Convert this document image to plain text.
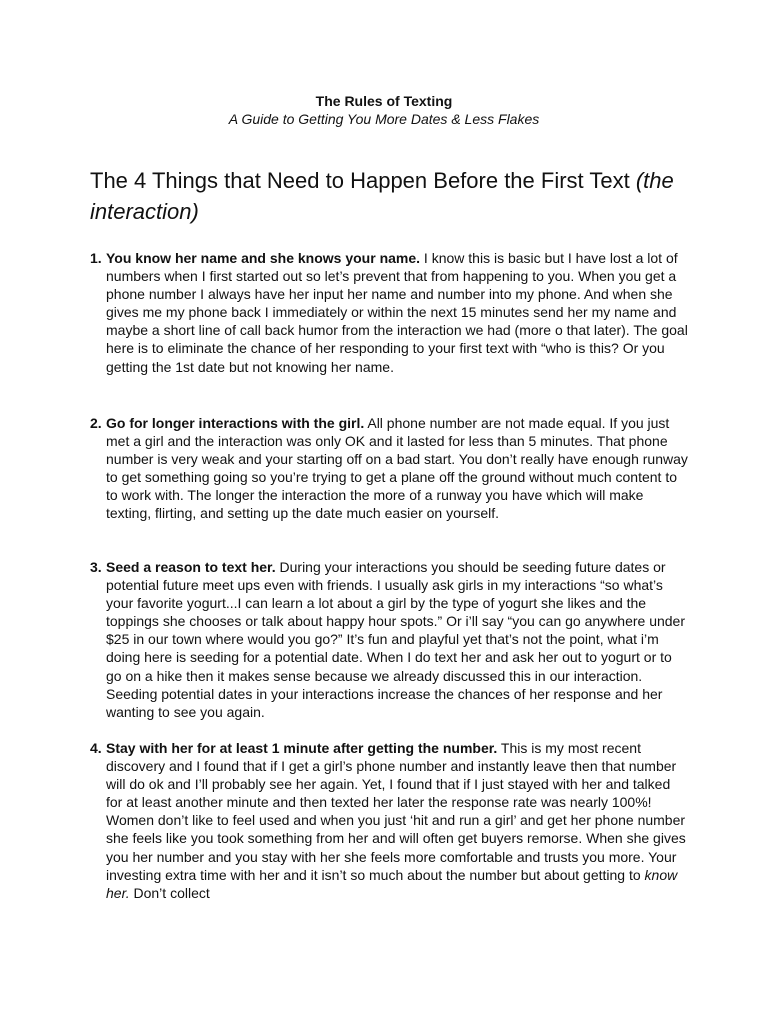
The Rules of Texting
A Guide to Getting You More Dates & Less Flakes
The 4 Things that Need to Happen Before the First Text (the interaction)
1. You know her name and she knows your name. I know this is basic but I have lost a lot of numbers when I first started out so let’s prevent that from happening to you. When you get a phone number I always have her input her name and number into my phone. And when she gives me my phone back I immediately or within the next 15 minutes send her my name and maybe a short line of call back humor from the interaction we had (more o that later). The goal here is to eliminate the chance of her responding to your first text with “who is this? Or you getting the 1st date but not knowing her name.
2. Go for longer interactions with the girl. All phone number are not made equal. If you just met a girl and the interaction was only OK and it lasted for less than 5 minutes. That phone number is very weak and your starting off on a bad start. You don’t really have enough runway to get something going so you’re trying to get a plane off the ground without much content to to work with. The longer the interaction the more of a runway you have which will make texting, flirting, and setting up the date much easier on yourself.
3. Seed a reason to text her. During your interactions you should be seeding future dates or potential future meet ups even with friends. I usually ask girls in my interactions “so what’s your favorite yogurt...I can learn a lot about a girl by the type of yogurt she likes and the toppings she chooses or talk about happy hour spots.” Or i’ll say “you can go anywhere under $25 in our town where would you go?” It’s fun and playful yet that’s not the point, what i’m doing here is seeding for a potential date. When I do text her and ask her out to yogurt or to go on a hike then it makes sense because we already discussed this in our interaction. Seeding potential dates in your interactions increase the chances of her response and her wanting to see you again.
4. Stay with her for at least 1 minute after getting the number. This is my most recent discovery and I found that if I get a girl’s phone number and instantly leave then that number will do ok and I’ll probably see her again. Yet, I found that if I just stayed with her and talked for at least another minute and then texted her later the response rate was nearly 100%! Women don’t like to feel used and when you just ‘hit and run a girl’ and get her phone number she feels like you took something from her and will often get buyers remorse. When she gives you her number and you stay with her she feels more comfortable and trusts you more. Your investing extra time with her and it isn’t so much about the number but about getting to know her. Don’t collect
